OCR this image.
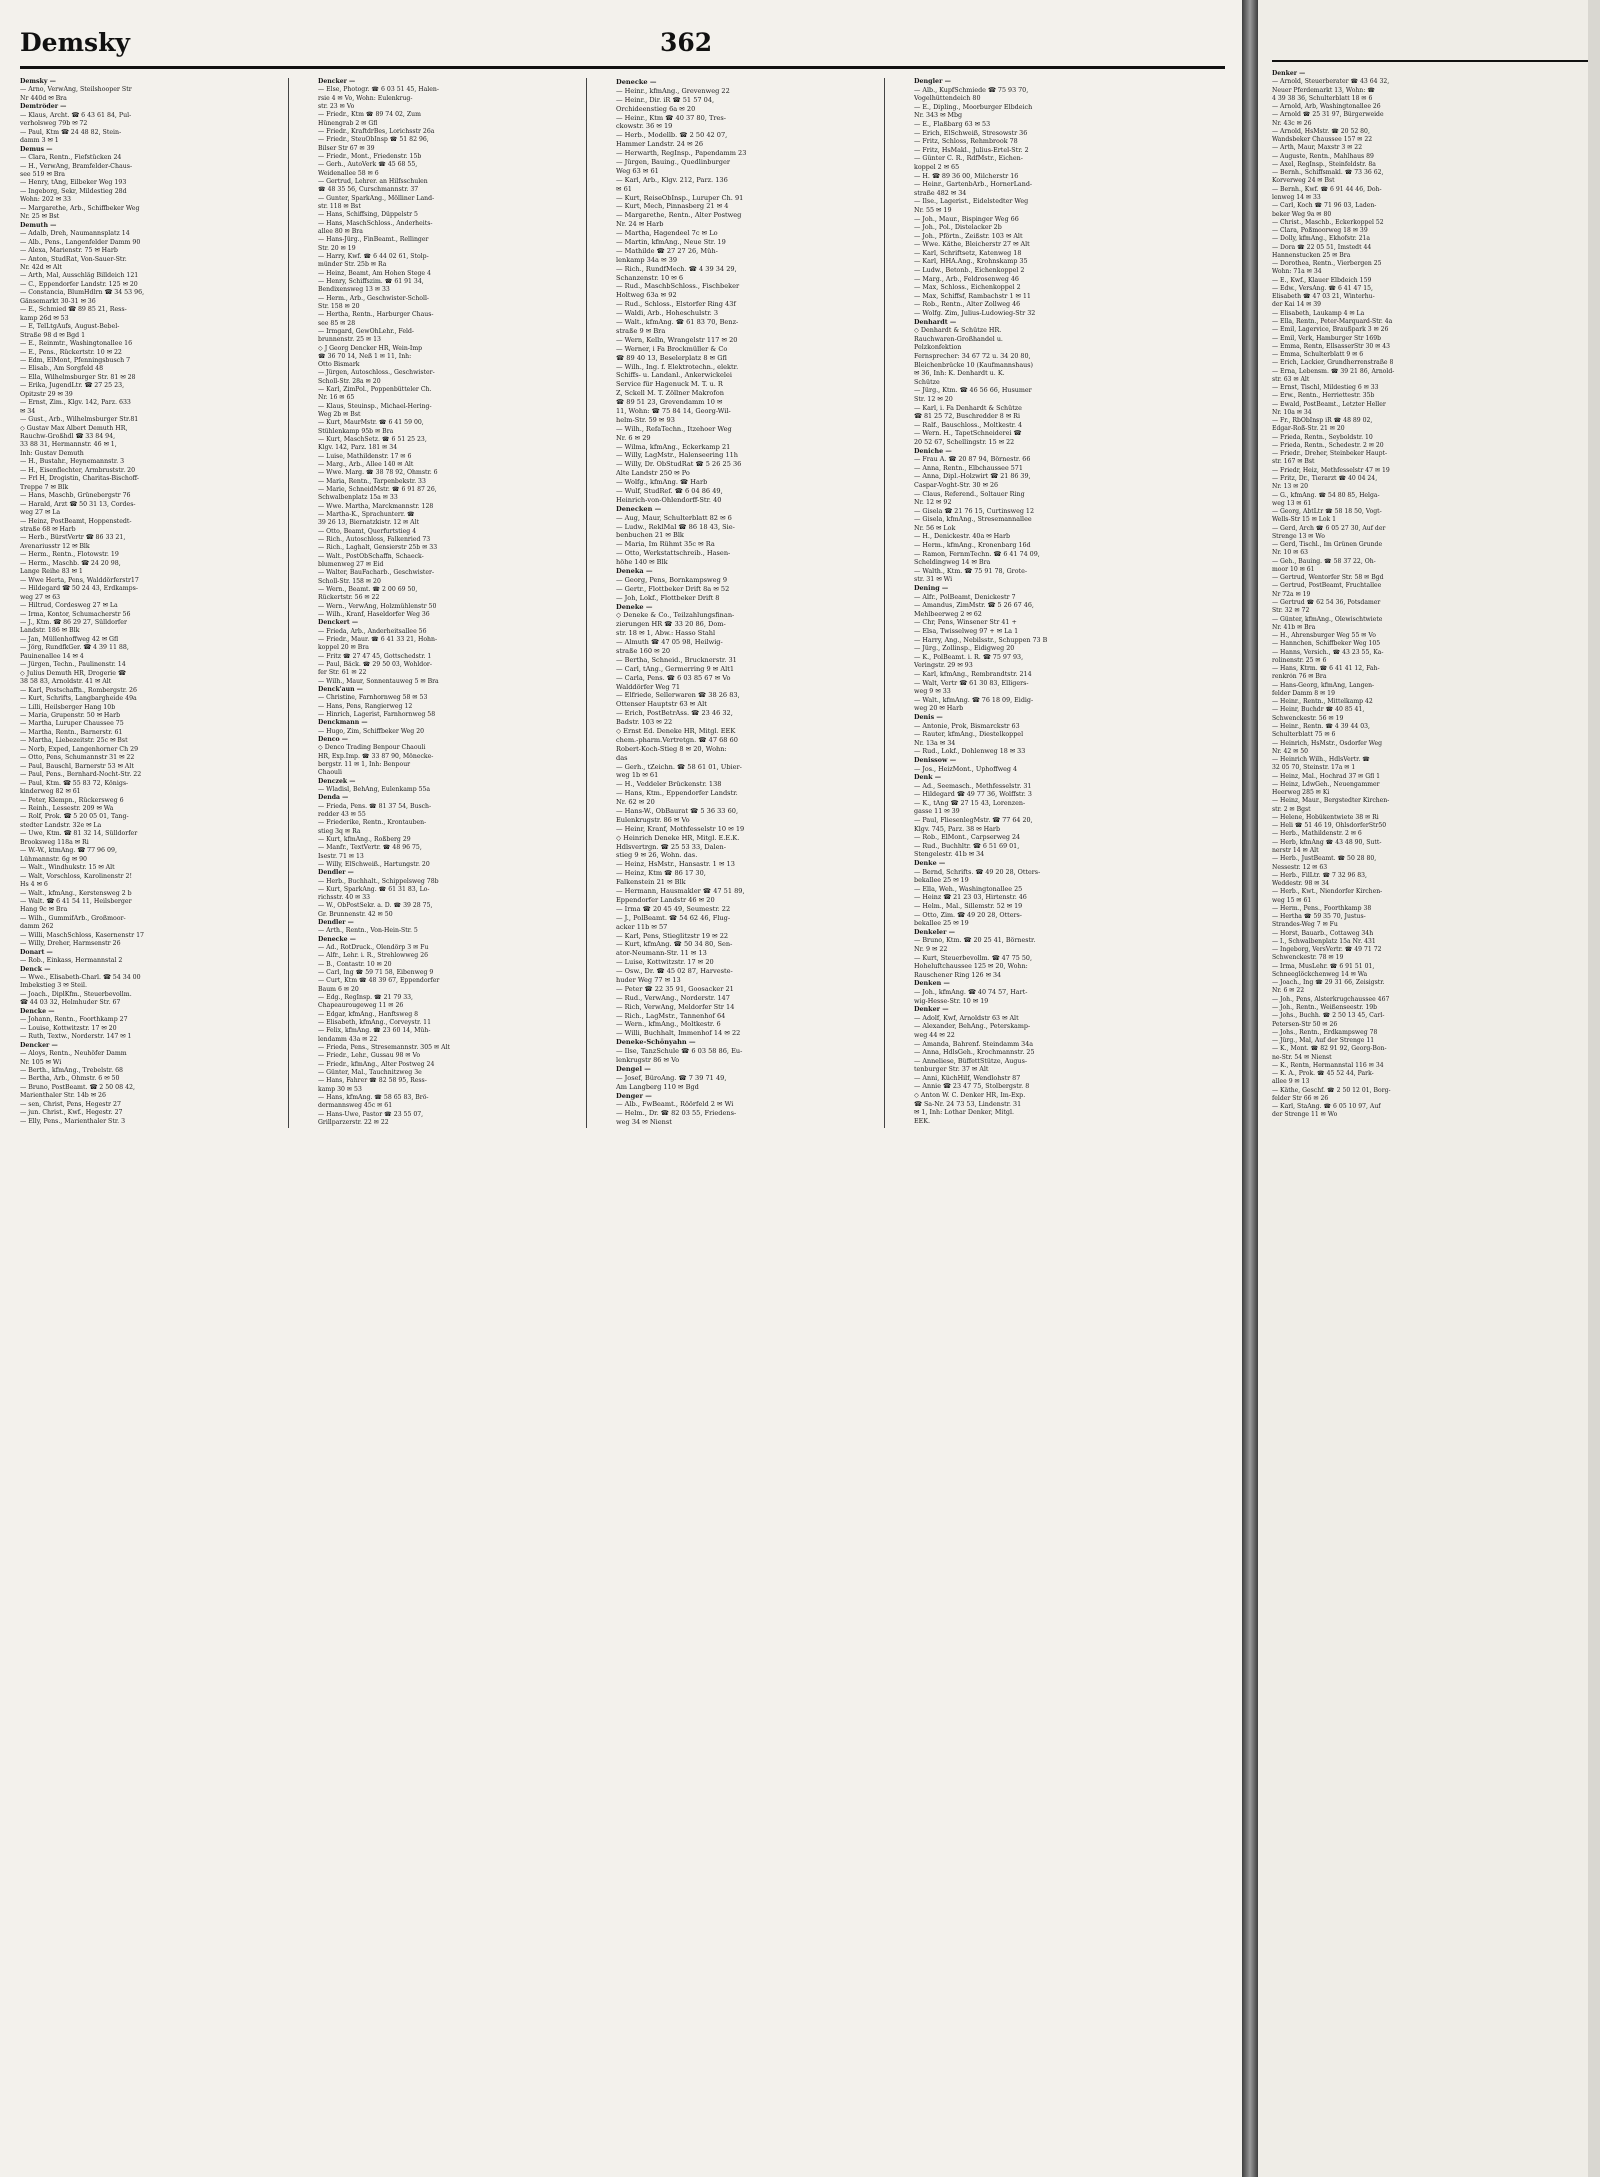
Demsky	362
Demsky —
— Arno, VerwAng, Steilshooper Str
Nr 440d ✉ Bra
Demtröder —
— Klaus, Archt. ☎ 6 43 61 84, Pul-
verholsweg 79b ✉ 72
— Paul, Ktm ☎ 24 48 82, Stein-
damm 3 ✉ 1
Demus —
— Clara, Rentn., Fiefstücken 24
— H., VerwAng, Bramfelder-Chaus-
see 519 ✉ Bra
— Henry, tAng, Eilbeker Weg 193
— Ingeborg, Sekr, Mildestieg 28d
Wohn: 202 ✉ 33
— Margarethe, Arb., Schiffbeker Weg
Nr. 25 ✉ Bst
Demuth —
— Adalb, Dreh, Naumannsplatz 14
— Alb., Pens., Langenfelder Damm 90
— Alexa, Marienstr. 75 ✉ Harb
— Anton, StudRat, Von-Sauer-Str.
Nr. 42d ✉ Alt
— Arth, Mal, Ausschläg Billdeich 121
— C., Eppendorfer Landstr. 125 ✉ 20
— Constancia, BlumHdlrn ☎ 34 53 96,
Gänsemarkt 30-31 ✉ 36
— E., Schmied ☎ 89 85 21, Ress-
kamp 26d ✉ 53
— E, TelLtgAufs, August-Bebel-
Straße 98 d ✉ Bgd 1
— E., Reinmtr., Washingtonallee 16
— E., Pens., Rückertstr. 10 ✉ 22
— Edm, ElMont, Pfenningsbusch 7
— Elisab., Am Sorgfeld 48
— Ella, Wilhelmsburger Str. 81 ✉ 28
— Erika, JugendLtr. ☎ 27 25 23,
Opitzstr 29 ✉ 39
— Ernst, Zim., Klgv. 142, Parz. 633
✉ 34
— Gust., Arb., Wilhelmsburger Str.81
◇ Gustav Max Albert Demuth HR,
Rauchw-Großhdl ☎ 33 84 94,
33 88 31, Hermannstr. 46 ✉ 1,
Inh: Gustav Demuth
— H., Bustahr., Heynemannstr. 3
— H., Eisenflechter, Armbruststr. 20
— Frl H, Drogistin, Charitas-Bischoff-
Treppe 7 ✉ Blk
— Hans, Maschb, Grünebergstr 76
— Harald, Arzt ☎ 50 31 13, Cordes-
weg 27 ✉ La
— Heinz, PostBeamt, Hoppenstedt-
straße 68 ✉ Harb
— Herb., BürstVertr ☎ 86 33 21,
Avenariusstr 12 ✉ Blk
— Herm., Rentn., Flotowstr. 19
— Herm., Maschb. ☎ 24 20 98,
Lange Reihe 83 ✉ 1
— Wwe Herta, Pens, Walddörferstr17
— Hildegard ☎ 50 24 43, Erdkamps-
weg 27 ✉ 63
— Hiltrud, Cordesweg 27 ✉ La
— Irma, Kontor, Schumacherstr 56
— J., Ktm. ☎ 86 29 27, Sülldorfer
Landstr. 186 ✉ Blk
— Jan, Müllenhoffweg 42 ✉ Gfl
— Jörg, RundfkGer. ☎ 4 39 11 88,
Pauinenallee 14 ✉ 4
— Jürgen, Techn., Paulinenstr. 14
◇ Julius Demuth HR, Drogerie ☎
38 58 83, Arnoldstr. 41 ✉ Alt
— Karl, Postschaffn., Rombergstr. 26
— Kurt, Schrifts, Langbargheide 49a
— Lilli, Heilsberger Hang 10b
— Maria, Grupenstr. 50 ✉ Harb
— Martha, Luruper Chaussee 75
— Martha, Rentn., Barnerstr. 61
— Martha, Liebezeitstr. 25c ✉ Bst
— Norb, Exped, Langenhorner Ch 29
— Otto, Pens, Schumannstr 31 ✉ 22
— Paul, Bauschl, Barnerstr 53 ✉ Alt
— Paul, Pens., Bernhard-Nocht-Str. 22
— Paul, Ktm. ☎ 55 83 72, Königs-
kinderweg 82 ✉ 61
— Peter, Klempn., Rückersweg 6
— Reinh., Lessestr. 209 ✉ Wa
— Rolf, Prok. ☎ 5 20 05 01, Tang-
stedter Landstr. 32e ✉ La
— Uwe, Ktm. ☎ 81 32 14, Sülldorfer
Brooksweg 118a ✉ Ri
— W.-W., ktmAng. ☎ 77 96 09,
Lühmannstr. 6g ✉ 90
— Walt., Windhukstr. 15 ✉ Alt
— Walt, Vorschloss, Karolinenstr 2!
Hs 4 ✉ 6
— Walt., kfmAng., Kerstensweg 2 b
— Walt. ☎ 6 41 54 11, Heilsberger
Hang 9c ✉ Bra
— Wilh., GummifArb., Großmoor-
damm 262
— Willi, MaschSchloss, Kasernenstr 17
— Willy, Dreher, Harmsenstr 26
Donart —
— Rob., Einkass, Hermannstal 2
Denck —
— Wwe., Elisabeth-Charl. ☎ 54 34 00
Imbekstieg 3 ✉ Steil.
— Joach., DiplKfm., Steuerbevollm.
☎ 44 03 32, Helmhuder Str. 67
Dencke —
— Johann, Rentn., Foorthkamp 27
— Louise, Kottwitzstr. 17 ✉ 20
— Ruth, Textw., Norderstr. 147 ✉ 1
Dencker —
— Aloys, Rentn., Neuhöfer Damm
Nr. 105 ✉ Wi
— Berth., kfmAng., Trebelstr. 68
— Bertha, Arb., Ohmstr. 6 ✉ 50
— Bruno, PostBeamt. ☎ 2 50 08 42,
Marienthaler Str. 14b ✉ 26
— sen, Christ, Pens, Hegestr 27
— jun. Christ., Kwf., Hegestr. 27
— Elly, Pens., Marienthaler Str. 3
Dencker —
— Else, Photogr. ☎ 6 03 51 45, Halen-
rsie 4 ✉ Vo, Wohn: Eulenkrug-
str. 23 ✉ Vo
— Friedr., Ktm ☎ 89 74 02, Zum
Hünengrab 2 ✉ Gfl
— Friedr., KraftdrBes, Lorichsstr 26a
— Friedr., SteuObInsp ☎ 51 82 96,
Bilser Str 67 ✉ 39
— Friedr., Mont., Friedenstr. 15b
— Gerh., AutoVerk ☎ 45 68 55,
Weidenallee 58 ✉ 6
— Gertrud, Lehrer. an Hilfsschulen
☎ 48 35 56, Curschmannstr. 37
— Gunter, SparkAng., Mölliner Land-
str. 118 ✉ Bst
— Hans, Schiffsing, Düppelstr 5
— Hans, MaschSchloss., Anderheits-
allee 80 ✉ Bra
— Hans-Jürg., FinBeamt., Rellinger
Str. 20 ✉ 19
— Harry, Kwf. ☎ 6 44 02 61, Stolp-
münder Str. 25b ✉ Ra
— Heinz, Beamt, Am Hohen Stege 4
— Henry, Schiffszim. ☎ 61 91 34,
Bendixensweg 13 ✉ 33
— Herm., Arb., Geschwister-Scholl-
Str. 158 ✉ 20
— Hertha, Rentn., Harburger Chaus-
see 85 ✉ 28
— Irmgard, GewOhLehr., Feld-
brunnenstr. 25 ✉ 13
◇ J Georg Dencker HR, Wein-Imp
☎ 36 70 14, Neß 1 ✉ 11, Inh:
Otto Bismark
— Jürgen, Autoschloss., Geschwister-
Scholl-Str. 28a ✉ 20
— Karl, ZimPol., Poppenbütteler Ch.
Nr. 16 ✉ 65
— Klaus, Steuinsp., Michael-Hering-
Weg 2b ✉ Bst
— Kurt, MaurMstr. ☎ 6 41 59 00,
Stühlenkamp 95b ✉ Bra
— Kurt, MaschSetz. ☎ 6 51 25 23,
Klgv. 142, Parz. 181 ✉ 34
— Luise, Mathildenstr. 17 ✉ 6
— Marg., Arb., Allee 140 ✉ Alt
— Wwe. Marg. ☎ 38 78 92, Ohmstr. 6
— Maria, Rentn., Tarpenbekstr. 33
— Marie, SchneidMstr. ☎ 6 91 87 26,
Schwalbenplatz 15a ✉ 33
— Wwe. Martha, Marckmannstr. 128
— Martha-K., Sprachunterr. ☎
39 26 13, Biernatzkistr. 12 ✉ Alt
— Otto, Beamt, Querfurtstieg 4
— Rich., Autoschloss, Falkenried 73
— Rich., Laghalt, Gensierstr 25b ✉ 33
— Walt., PostObSchaffn, Schaeck-
blumenweg 27 ✉ Eid
— Walter, BauFacharb., Geschwister-
Scholl-Str. 158 ✉ 20
— Wern., Beamt. ☎ 2 00 69 50,
Rückertstr. 56 ✉ 22
— Wern., VerwAng, Holzmühlenstr 50
— Wilh., Kranf, Haseldorfer Weg 36
Denckert —
— Frieda, Arb., Anderheitsallee 56
— Friedr., Maur. ☎ 6 41 33 21, Hohn-
koppel 20 ✉ Bra
— Fritz ☎ 27 47 45, Gottschedstr. 1
— Paul, Bäck. ☎ 29 50 03, Wohldor-
fer Str. 61 ✉ 22
— Wilh., Maur, Sonnentauweg 5 ✉ Bra
Denck'aun —
— Christine, Farnhornweg 58 ✉ 53
— Hans, Pens, Rangierweg 12
— Hinrich, Lagerist, Farnhornweg 58
Denckmann —
— Hugo, Zim, Schiffbeker Weg 20
Denco —
◇ Denco Trading Benpour Chaouli
HR, Exp.Imp. ☎ 33 87 90, Mönecke-
bergstr. 11 ✉ 1, Inh: Benpour
Chaouli
Denczek —
— Wladisl, BehAng, Eulenkamp 55a
Denda —
— Frieda, Pens. ☎ 81 37 54, Busch-
redder 43 ✉ 55
— Friederike, Rentn., Krontauben-
stieg 3q ✉ Ra
— Kurt, kfmAng., Roßberg 29
— Manfr., TextVertr. ☎ 48 96 75,
Isestr. 71 ✉ 13
— Willy, ElSchweiß., Hartungstr. 20
Dendler —
— Herb., Buchhalt., Schippelsweg 78b
— Kurt, SparkAng. ☎ 61 31 83, Lo-
richsstr. 40 ✉ 33
— W., ObPostSekr. a. D. ☎ 39 28 75,
Gr. Brunnenstr. 42 ✉ 50
Dendler —
— Arth., Rentn., Von-Hein-Str. 5
Denecke —
— Ad., RotDruck., Olendörp 3 ✉ Fu
— Alfr., Lehr. i. R., Strehlowweg 26
— B., Contastr. 10 ✉ 20
— Carl, Ing ☎ 59 71 58, Eibenweg 9
— Curt, Ktm ☎ 48 39 67, Eppendorfer
Baum 6 ✉ 20
— Edg., RegInsp. ☎ 21 79 33,
Chapeaurougeweg 11 ✉ 26
— Edgar, kfmAng., Hanftsweg 8
— Elisabeth, kfmAng., Corveystr. 11
— Felix, kfmAng. ☎ 23 60 14, Müh-
lendamm 43a ✉ 22
— Frieda, Pens., Stresemannstr. 305 ✉ Alt
— Friedr., Lehr., Gussau 98 ✉ Vo
— Friedr., kfmAng., Alter Postweg 24
— Günter, Mal., Tauchnitzweg 3e
— Hans, Fahrer ☎ 82 58 95, Ress-
kamp 30 ✉ 53
— Hans, kfmAng. ☎ 58 65 83, Brö-
dermannsweg 45c ✉ 61
— Hans-Uwe, Pastor ☎ 23 55 07,
Grillparzerstr. 22 ✉ 22
Denecke —
— Heinr., kfmAng., Grevenweg 22
— Heinr., Dir. iR ☎ 51 57 04,
Orchideenstieg 6a ✉ 20
— Heinr., Ktm ☎ 40 37 80, Tres-
ckowstr. 36 ✉ 19
— Herb., Modellb. ☎ 2 50 42 07,
Hammer Landstr. 24 ✉ 26
— Herwarth, RegInsp., Papendamm 23
— Jürgen, Bauing., Quedlinburger
Weg 63 ✉ 61
— Karl, Arb., Klgv. 212, Parz. 136
✉ 61
— Kurt, ReiseObInsp., Luruper Ch. 91
— Kurt, Mech, Pinnasberg 21 ✉ 4
— Margarethe, Rentn., Alter Postweg
Nr. 24 ✉ Harb
— Martha, Hagendeel 7c ✉ Lo
— Martin, kfmAng., Neue Str. 19
— Mathilde ☎ 27 27 26, Müh-
lenkamp 34a ✉ 39
— Rich., RundfMech. ☎ 4 39 34 29,
Schanzenstr. 10 ✉ 6
— Rud., MaschbSchloss., Fischbeker
Holtweg 63a ✉ 92
— Rud., Schloss., Elstorfer Ring 43f
— Waldi, Arb., Hoheschulstr. 3
— Walt., kfmAng. ☎ 61 83 70, Benz-
straße 9 ✉ Bra
— Wern, Kelln, Wrangelstr 117 ✉ 20
— Werner, i Fa Brockmüller & Co
☎ 89 40 13, Beselerplatz 8 ✉ Gfl
— Wilh., Ing. f. Elektrotechn., elektr.
Schiffs- u. Landanl., Ankerwickelei
Service für Hagenuck M. T. u. R
Z, Sckell M. T. Zöllner Makrofon
☎ 89 51 23, Grevendamm 10 ✉
11, Wohn: ☎ 75 84 14, Georg-Wil-
helm-Str. 59 ✉ 93
— Wilh., RefaTechn., Itzehoer Weg
Nr. 6 ✉ 29
— Wilma, kfmAng., Eckerkamp 21
— Willy, LagMstr., Halenseering 11h
— Willy, Dr. ObStudRat ☎ 5 26 25 36
Alte Landstr 250 ✉ Po
— Wolfg., kfmAng. ☎ Harb
— Wulf, StudRef. ☎ 6 04 86 49,
Heinrich-von-Ohlendorff-Str. 40
Denecken —
— Aug, Maur, Schulterblatt 82 ✉ 6
— Ludw., ReklMal ☎ 86 18 43, Sie-
benbuchen 21 ✉ Blk
— Maria, Im Rühmt 35c ✉ Ra
— Otto, Werkstattschreib., Hasen-
höhe 140 ✉ Blk
Deneka —
— Georg, Pens, Bornkampsweg 9
— Gertr., Flottbeker Drift 8a ✉ 52
— Joh, Lokf., Flottbeker Drift 8
Deneke —
◇ Deneke & Co., Teilzahlungsfinan-
zierungen HR ☎ 33 20 86, Dom-
str. 18 ✉ 1, Abw.: Hasso Stahl
— Almuth ☎ 47 05 98, Heilwig-
straße 160 ✉ 20
— Bertha, Schneid., Brucknerstr. 31
— Carl, tAng., Germerring 9 ✉ Alt1
— Carla, Pens. ☎ 6 03 85 67 ✉ Vo
Walddörfer Weg 71
— Elfriede, Sellerwaren ☎ 38 26 83,
Ottenser Hauptstr 63 ✉ Alt
— Erich, PostBetrAss. ☎ 23 46 32,
Badstr. 103 ✉ 22
◇ Ernst Ed. Deneke HR, Mitgl. EEK
chem.-pharm.Vertretgn. ☎ 47 68 60
Robert-Koch-Stieg 8 ✉ 20, Wohn:
das
— Gerh., tZeichn. ☎ 58 61 01, Ubier-
weg 1b ✉ 61
— H., Veddeler Brückenstr. 138
— Hans, Ktm., Eppendorfer Landstr.
Nr. 62 ✉ 20
— Hans-W., ObBaurat ☎ 5 36 33 60,
Eulenkrugstr. 86 ✉ Vo
— Heinr, Kranf, Mothfesselstr 10 ✉ 19
◇ Heinrich Deneke HR, Mitgl. E.E.K.
Hdlsvertrgn. ☎ 25 53 33, Dalen-
stieg 9 ✉ 26, Wohn. das.
— Heinz, HsMstr., Hansastr. 1 ✉ 13
— Heinz, Ktm ☎ 86 17 30,
Falkenstein 21 ✉ Blk
— Hermann, Hausmakler ☎ 47 51 89,
Eppendorfer Landstr 46 ✉ 20
— Irma ☎ 20 45 49, Seumestr. 22
— J., PolBeamt. ☎ 54 62 46, Flug-
acker 11b ✉ 57
— Karl, Pens, Stieglitzstr 19 ✉ 22
— Kurt, kfmAng. ☎ 50 34 80, Sen-
ator-Neumann-Str. 11 ✉ 13
— Luise, Kottwitzstr. 17 ✉ 20
— Osw., Dr. ☎ 45 02 87, Harveste-
huder Weg 77 ✉ 13
— Peter ☎ 22 35 91, Goosacker 21
— Rud., VerwAng., Norderstr. 147
— Rich, VerwAng, Meldorfer Str 14
— Rich., LagMstr., Tannenhof 64
— Wern., kfmAng., Moltkestr. 6
— Willi, Buchhalt, Immenhof 14 ✉ 22
Deneke-Schönyahn —
— Ilse, TanzSchule ☎ 6 03 58 86, Eu-
lenkrugstr 86 ✉ Vo
Dengel —
— Josef, BüroAng. ☎ 7 39 71 49,
Am Langberg 110 ✉ Bgd
Denger —
— Alb., FwBeamt., Röörfeld 2 ✉ Wi
— Helm., Dr. ☎ 82 03 55, Friedens-
weg 34 ✉ Nienst
Dengler —
— Alb., KupfSchmiede ☎ 75 93 70,
Vogelhüttendeich 80
— E., Dipling., Moorburger Elbdeich
Nr. 343 ✉ Mbg
— E., Flaßbarg 63 ✉ 53
— Erich, ElSchweiß, Stresowstr 36
— Fritz, Schloss, Rehmbrook 78
— Fritz, HsMakl., Julius-Ertel-Str. 2
— Günter C. R., RdfMstr., Eichen-
koppel 2 ✉ 65
— H. ☎ 89 36 00, Milcherstr 16
— Heinr., GartenbArb., HornerLand-
straße 482 ✉ 34
— Ilse., Lagerist., Eidelstedter Weg
Nr. 55 ✉ 19
— Joh., Maur., Bispinger Weg 66
— Joh., Pol., Distelacker 2b
— Joh., Pförtn., Zeißstr. 103 ✉ Alt
— Wwe. Käthe, Bleicherstr 27 ✉ Alt
— Karl, Schriftsetz, Katenweg 18
— Karl, HHA.Ang., Krohnskamp 35
— Ludw., Betonb., Eichenkoppel 2
— Marg., Arb., Feldrosenweg 46
— Max, Schloss., Eichenkoppel 2
— Max, Schiffsf, Rambachstr 1 ✉ 11
— Rob., Rentn., Alter Zollweg 46
— Wolfg. Zim, Julius-Ludowieg-Str 32
Denhardt —
◇ Denhardt & Schütze HR.
Rauchwaren-Großhandel u.
Pelzkonfektion
Fernsprecher: 34 67 72 u. 34 20 80,
Bleichenbrücke 10 (Kaufmannshaus)
✉ 36, Inh: K. Denhardt u. K.
Schütze
— Jürg., Ktm. ☎ 46 56 66, Husumer
Str. 12 ✉ 20
— Karl, i. Fa Denhardt & Schütze
☎ 81 25 72, Buschredder 8 ✉ Ri
— Ralf., Bauschloss., Moltkestr. 4
— Wern. H., TapetSchneiderei ☎
20 52 67, Schellingstr. 15 ✉ 22
Deniche —
— Frau A. ☎ 20 87 94, Börnestr. 66
— Anna, Rentn., Elbchaussee 571
— Anna, Dipl.-Holzwirt ☎ 21 86 39,
Caspar-Voght-Str. 30 ✉ 26
— Claus, Referend., Soltauer Ring
Nr. 12 ✉ 92
— Gisela ☎ 21 76 15, Curtinsweg 12
— Gisela, kfmAng., Stresemannallee
Nr. 56 ✉ Lok
— H., Denickestr. 40a ✉ Harb
— Herm., kfmAng., Kronenbarg 16d
— Ramon, FernmTechn. ☎ 6 41 74 09,
Scheldingweg 14 ✉ Bra
— Walth., Ktm. ☎ 75 91 78, Grote-
str. 31 ✉ Wi
Dening —
— Alfr., PolBeamt, Denickestr 7
— Amandus, ZimMstr. ☎ 5 26 67 46,
Mehlbeerweg 2 ✉ 62
— Chr, Pens, Winsener Str 41 +
— Elsa, Twisselweg 97 + ✉ La 1
— Harry, Ang., Nebilsstr., Schuppen 73 B
— Jürg., Zollinsp., Eidigweg 20
— K., PolBeamt. i. R. ☎ 75 97 93,
Veringstr. 29 ✉ 93
— Karl, kfmAng., Rembrandtstr. 214
— Walt, Vertr ☎ 61 30 83, Elligers-
weg 9 ✉ 33
— Walt., kfmAng. ☎ 76 18 09, Eidig-
weg 20 ✉ Harb
Denis —
— Antonie, Prok, Bismarckstr 63
— Rauter, kfmAng., Diestelkoppel
Nr. 13a ✉ 34
— Rud., Lokf., Dohlenweg 18 ✉ 33
Denissow —
— Jos., HeizMont., Uphoffweg 4
Denk —
— Ad., Seemasch., Methfesselstr. 31
— Hildegard ☎ 49 77 36, Wolffstr. 3
— K., tAng ☎ 27 15 43, Lorenzen-
gasse 11 ✉ 39
— Paul, FliesenlegMstr. ☎ 77 64 20,
Klgv. 745, Parz. 38 ✉ Harb
— Rob., ElMont., Carpserweg 24
— Rud., Buchhltr. ☎ 6 51 69 01,
Stengelestr. 41b ✉ 34
Denke —
— Bernd, Schrifts. ☎ 49 20 28, Otters-
bekallee 25 ✉ 19
— Ella, Weh., Washingtonallee 25
— Heinz ☎ 21 23 03, Hirtenstr. 46
— Helm., Mal., Sillemstr. 52 ✉ 19
— Otto, Zim. ☎ 49 20 28, Otters-
bekallee 25 ✉ 19
Denkeler —
— Bruno, Ktm. ☎ 20 25 41, Börnestr.
Nr. 9 ✉ 22
— Kurt, Steuerbevollm. ☎ 47 75 50,
Hoheluftchaussee 125 ✉ 20, Wohn:
Rauschener Ring 126 ✉ 34
Denken —
— Joh., kfmAng. ☎ 40 74 57, Hart-
wig-Hesse-Str. 10 ✉ 19
Denker —
— Adolf, Kwf, Arnoldstr 63 ✉ Alt
— Alexander, BehAng., Peterskamp-
weg 44 ✉ 22
— Amanda, Bahrenf. Steindamm 34a
— Anna, HdlsGeh., Krochmannstr. 25
— Anneliese, BüffettStütze, Augus-
tenburger Str. 37 ✉ Alt
— Anni, KüchHilf, Wendlohstr 87
— Annie ☎ 23 47 75, Stolbergstr. 8
◇ Anton W. C. Denker HR, Im-Exp.
☎ Sa-Nr. 24 73 53, Lindenstr. 31
✉ 1, Inh: Lothar Denker, Mitgl.
EEK.
Denker —
— Arnold, Steuerberater ☎ 43 64 32,
Neuer Pferdemarkt 13, Wohn: ☎
4 39 38 36, Schulterblatt 18 ✉ 6
— Arnold, Arb, Washingtonallee 26
— Arnold ☎ 25 31 97, Bürgerweide
Nr. 43c ✉ 26
— Arnold, HsMstr. ☎ 20 52 80,
Wandsbeker Chaussee 157 ✉ 22
— Arth, Maur, Maxstr 3 ✉ 22
— Auguste, Rentn., Mahlhaus 89
— Axel, RegInsp., Steinfeldstr. 8a
— Bernh., Schiffsmakl. ☎ 73 36 62,
Korverweg 24 ✉ Bst
— Bernh., Kwf. ☎ 6 91 44 46, Doh-
lenweg 14 ✉ 33
— Carl, Koch ☎ 71 96 03, Laden-
beker Weg 9a ✉ 80
— Christ., Maschb., Eckerkoppel 52
— Clara, Poßmoorweg 18 ✉ 39
— Dolly, kfmAng., Ekhofstr. 21a
— Dora ☎ 22 05 51, Imstedt 44
Hannenstucken 25 ✉ Bra
— Dorothea, Rentn., Vierbergen 25
Wohn: 71a ✉ 34
— E., Kwf., Klauer Elbdeich 159
— Edw., VersAng. ☎ 6 41 47 15,
Elisabeth ☎ 47 03 21, Winterhu-
der Kai 14 ✉ 39
— Elisabeth, Laukamp 4 ✉ La
— Ella, Rentn., Peter-Marquard-Str. 4a
— Emil, Lagervice, Braußpark 3 ✉ 26
— Emil, Verk, Hamburger Str 169b
— Emma, Rentn, EllsasserStr 30 ✉ 43
— Emma, Schulterblatt 9 ✉ 6
— Erich, Lackier, Grundherrenstraße 8
— Erna, Lebensm. ☎ 39 21 86, Arnold-
str. 63 ✉ Alt
— Ernst, Tischl, Mildestieg 6 ✉ 33
— Erw., Rentn., Herriettestr. 35b
— Ewald, PostBeamt., Letzter Heller
Nr. 10a ✉ 34
— Fr., RbObInsp iR ☎ 48 89 02,
Edgar-Roß-Str. 21 ✉ 20
— Frieda, Rentn., Seyboldstr. 10
— Frieda, Rentn., Schedestr. 2 ✉ 20
— Friedr., Dreher, Steinbeker Haupt-
str. 167 ✉ Bst
— Friedr, Heiz, Methfesselstr 47 ✉ 19
— Fritz, Dr., Tierarzt ☎ 40 04 24,
Nr. 13 ✉ 20
— G., kfmAng. ☎ 54 80 85, Helga-
weg 13 ✉ 61
— Georg, AbtLtr ☎ 58 18 50, Vogt-
Wells-Str 15 ✉ Lok 1
— Gerd, Arch ☎ 6 05 27 30, Auf der
Strenge 13 ✉ Wo
— Gerd, Tischl., Im Grünen Grunde
Nr. 10 ✉ 63
— Geh., Bauing. ☎ 58 37 22, Oh-
moor 10 ✉ 61
— Gertrud, Wentorfer Str. 58 ✉ Bgd
— Gertrud, PostBeamt, Fruchtallee
Nr 72a ✉ 19
— Gertrud ☎ 62 54 36, Potsdamer
Str. 32 ✉ 72
— Günter, kfmAng., Olewischtwiete
Nr. 41b ✉ Bra
— H., Ahrensburger Weg 55 ✉ Vo
— Hannchen, Schiffbeker Weg 105
— Hanns, Versich., ☎ 43 23 55, Ka-
rolinenstr. 25 ✉ 6
— Hans, Ktrm. ☎ 6 41 41 12, Fah-
renkrón 76 ✉ Bra
— Hans-Georg, kfmAng, Langen-
felder Damm 8 ✉ 19
— Heinr., Rentn., Mittelkamp 42
— Heinr, Buchdr ☎ 40 85 41,
Schwenckestr. 56 ✉ 19
— Heinr., Rentn. ☎ 4 39 44 03,
Schulterblatt 75 ✉ 6
— Heinrich, HsMstr., Osdorfer Weg
Nr. 42 ✉ 50
— Heinrich Wilh., HdlsVertr. ☎
32 05 70, Steinstr. 17a ✉ 1
— Heinz, Mal., Hochrad 37 ✉ Gfl 1
— Heinz, LdwGeh., Neuengammer
Heerweg 285 ✉ Ki
— Heinz, Maur., Bergstedter Kirchen-
str. 2 ✉ Bgst
— Helene, Hobükentwiete 38 ✉ Ri
— Heli ☎ 51 46 19, OhlsdorferStr50
— Herb., Mathildenstr. 2 ✉ 6
— Herb, kfmAng ☎ 43 48 90, Sutt-
nerstr 14 ✉ Alt
— Herb., JustBeamt. ☎ 50 28 80,
Nessestr. 12 ✉ 63
— Herb., FilLtr. ☎ 7 32 96 83,
Weddestr. 98 ✉ 34
— Herb., Kwt., Niendorfer Kirchen-
weg 15 ✉ 61
— Herm., Pens., Foorthkamp 38
— Hertha ☎ 59 35 70, Justus-
Strandes-Weg 7 ✉ Fu
— Horst, Bauarb., Cottaweg 34h
— I., Schwalbenplatz 15a Nr. 431
— Ingeborg, VersVertr. ☎ 49 71 72
Schwenckestr. 78 ✉ 19
— Irma, MusLehr. ☎ 6 91 51 01,
Schneeglöckchenweg 14 ✉ Wa
— Joach., Ing ☎ 29 31 66, Zeisigstr.
Nr. 6 ✉ 22
— Joh., Pens, Alsterkrugchaussee 467
— Joh., Rentn., Weißenseestr. 19b
— Johs., Buchh. ☎ 2 50 13 45, Carl-
Petersen-Str 50 ✉ 26
— Johs., Rentn., Erdkampsweg 78
— Jürg., Mal, Auf der Strenge 11
— K., Mont. ☎ 82 91 92, Georg-Bon-
ne-Str. 54 ✉ Nienst
— K., Rentn, Hermannstal 116 ✉ 34
— K. A., Prok. ☎ 45 52 44, Park-
allee 9 ✉ 13
— Käthe, Geschf. ☎ 2 50 12 01, Borg-
felder Str 66 ✉ 26
— Karl, StaAng. ☎ 6 05 10 97, Auf
der Strenge 11 ✉ Wo
